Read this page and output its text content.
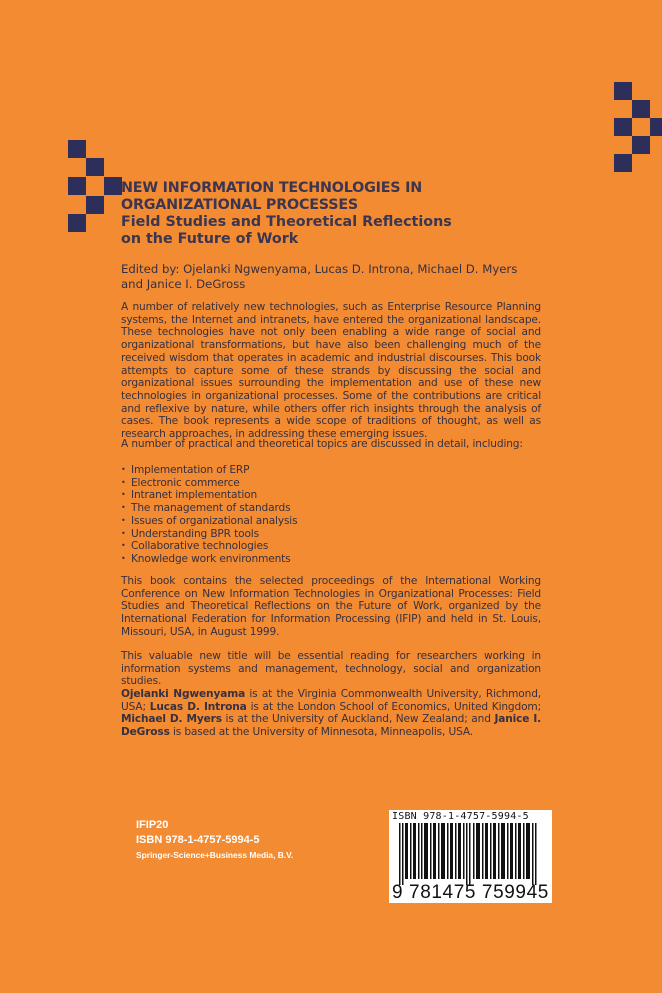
NEW INFORMATION TECHNOLOGIES IN
ORGANIZATIONAL PROCESSES
Field Studies and Theoretical Reflections
on the Future of Work
Edited by: Ojelanki Ngwenyama, Lucas D. Introna, Michael D. Myers
and Janice I. DeGross
A number of relatively new technologies, such as Enterprise Resource Planning systems, the Internet and intranets, have entered the organizational landscape. These technologies have not only been enabling a wide range of social and organizational transformations, but have also been challenging much of the received wisdom that operates in academic and industrial discourses. This book attempts to capture some of these strands by discussing the social and organizational issues surrounding the implementation and use of these new technologies in organizational processes. Some of the contributions are critical and reflexive by nature, while others offer rich insights through the analysis of cases. The book represents a wide scope of traditions of thought, as well as research approaches, in addressing these emerging issues.
A number of practical and theoretical topics are discussed in detail, including:
• Implementation of ERP
• Electronic commerce
• Intranet implementation
• The management of standards
• Issues of organizational analysis
• Understanding BPR tools
• Collaborative technologies
• Knowledge work environments
This book contains the selected proceedings of the International Working Conference on New Information Technologies in Organizational Processes: Field Studies and Theoretical Reflections on the Future of Work, organized by the International Federation for Information Processing (IFIP) and held in St. Louis, Missouri, USA, in August 1999.
This valuable new title will be essential reading for researchers working in information systems and management, technology, social and organization studies.
Ojelanki Ngwenyama is at the Virginia Commonwealth University, Richmond, USA; Lucas D. Introna is at the London School of Economics, United Kingdom; Michael D. Myers is at the University of Auckland, New Zealand; and Janice I. DeGross is based at the University of Minnesota, Minneapolis, USA.
IFIP20
ISBN 978-1-4757-5994-5
Springer-Science+Business Media, B.V.
ISBN 978-1-4757-5994-5
9 781475 759945
